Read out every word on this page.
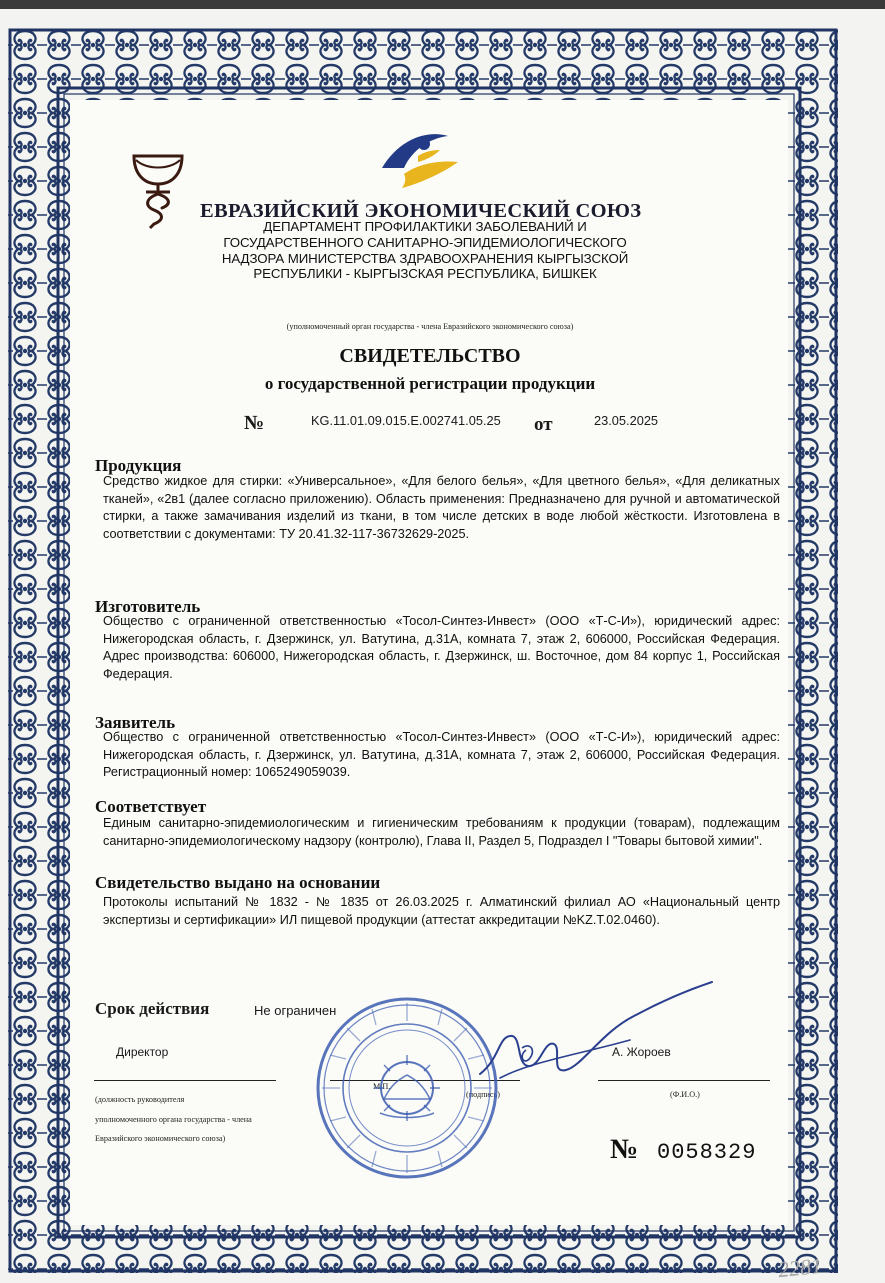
ЕВРАЗИЙСКИЙ ЭКОНОМИЧЕСКИЙ СОЮЗ
ДЕПАРТАМЕНТ ПРОФИЛАКТИКИ ЗАБОЛЕВАНИЙ И
ГОСУДАРСТВЕННОГО САНИТАРНО-ЭПИДЕМИОЛОГИЧЕСКОГО
НАДЗОРА МИНИСТЕРСТВА ЗДРАВООХРАНЕНИЯ КЫРГЫЗСКОЙ
РЕСПУБЛИКИ - КЫРГЫЗСКАЯ РЕСПУБЛИКА, БИШКЕК
(уполномоченный орган государства - члена Евразийского экономического союза)
СВИДЕТЕЛЬСТВО
о государственной регистрации продукции
№	KG.11.01.09.015.E.002741.05.25 от	23.05.2025
Продукция
Средство жидкое для стирки: «Универсальное», «Для белого белья», «Для цветного белья», «Для деликатных тканей», «2в1 (далее согласно приложению). Область применения: Предназначено для ручной и автоматической стирки, а также замачивания изделий из ткани, в том числе детских в воде любой жёсткости. Изготовлена в соответствии с документами: ТУ 20.41.32-117-36732629-2025.
Изготовитель
Общество с ограниченной ответственностью «Тосол-Синтез-Инвест» (ООО «Т-С-И»), юридический адрес: Нижегородская область, г. Дзержинск, ул. Ватутина, д.31А, комната 7, этаж 2, 606000, Российская Федерация. Адрес производства: 606000, Нижегородская область, г. Дзержинск, ш. Восточное, дом 84 корпус 1, Российская Федерация.
Заявитель
Общество с ограниченной ответственностью «Тосол-Синтез-Инвест» (ООО «Т-С-И»), юридический адрес: Нижегородская область, г. Дзержинск, ул. Ватутина, д.31А, комната 7, этаж 2, 606000, Российская Федерация. Регистрационный номер: 1065249059039.
Соответствует
Единым санитарно-эпидемиологическим и гигиеническим требованиям к продукции (товарам), подлежащим санитарно-эпидемиологическому надзору (контролю), Глава II, Раздел 5, Подраздел I "Товары бытовой химии".
Свидетельство выдано на основании
Протоколы испытаний № 1832 - № 1835 от 26.03.2025 г. Алматинский филиал АО «Национальный центр экспертизы и сертификации» ИЛ пищевой продукции (аттестат аккредитации №KZ.T.02.0460).
Срок действия	Не ограничен
Директор
(должность руководителя
уполномоченного органа государства - члена
Евразийского экономического союза)
М.П.
(подпись)
А. Жороев
(Ф.И.О.)
№ 0058329
2281
